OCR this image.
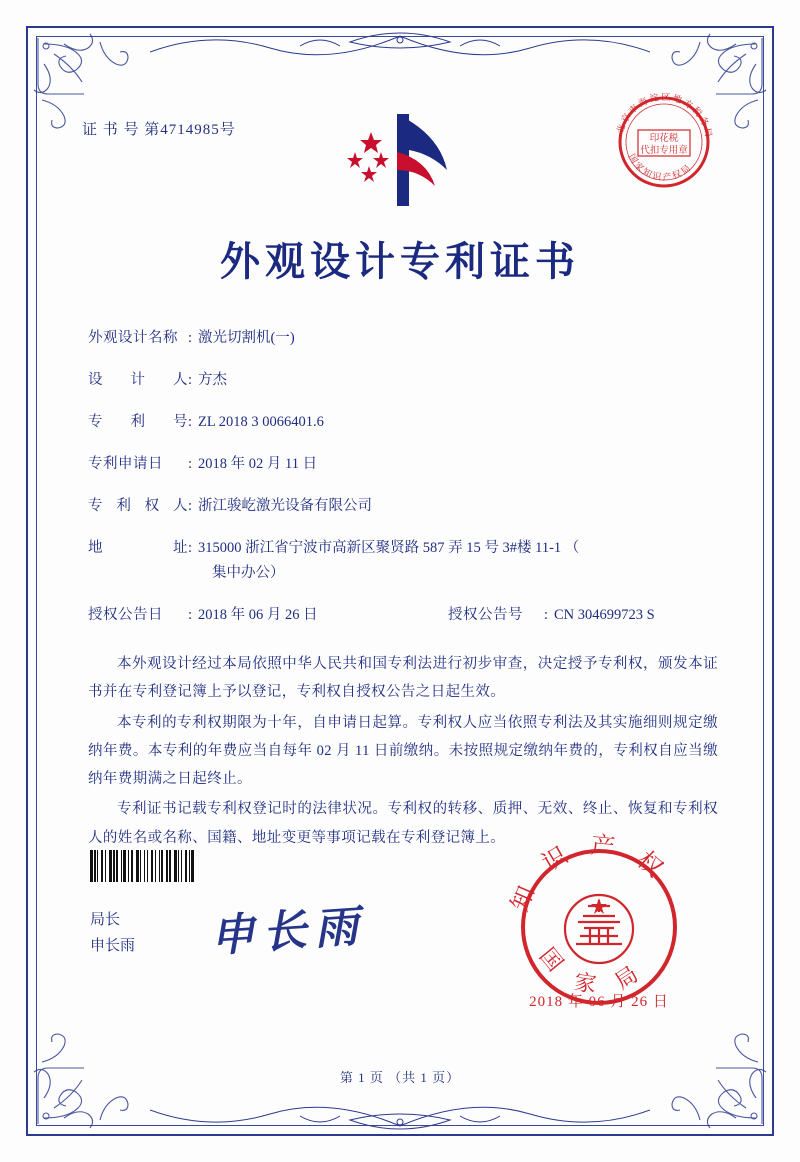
证 书 号 第4714985号	北京市海淀区地方税务局
国家知识产权局
印花税
代扣专用章
外观设计专利证书
外观设计名称 : 激光切割机(一)
设 计 人 : 方杰
专 利 号 : ZL 2018 3 0066401.6
专利申请日	: 2018 年 02 月 11 日
专 利 权 人 : 浙江骏屹激光设备有限公司
地	址 : 315000 浙江省宁波市高新区聚贤路 587 弄 15 号 3#楼 11-1 （
集中办公）
授权公告日	: 2018 年 06 月 26 日	授权公告号	: CN 304699723 S

本外观设计经过本局依照中华人民共和国专利法进行初步审查，决定授予专利权，颁发本证书并在专利登记簿上予以登记，专利权自授权公告之日起生效。

本专利的专利权期限为十年，自申请日起算。专利权人应当依照专利法及其实施细则规定缴纳年费。本专利的年费应当自每年 02 月 11 日前缴纳。未按照规定缴纳年费的，专利权自应当缴纳年费期满之日起终止。

专利证书记载专利权登记时的法律状况。专利权的转移、质押、无效、终止、恢复和专利权人的姓名或名称、国籍、地址变更等事项记载在专利登记簿上。

局长
申长雨 申长雨
知 识 产 权
国 家 局
2018 年 06 月 26 日
第 1 页 （共 1 页）
